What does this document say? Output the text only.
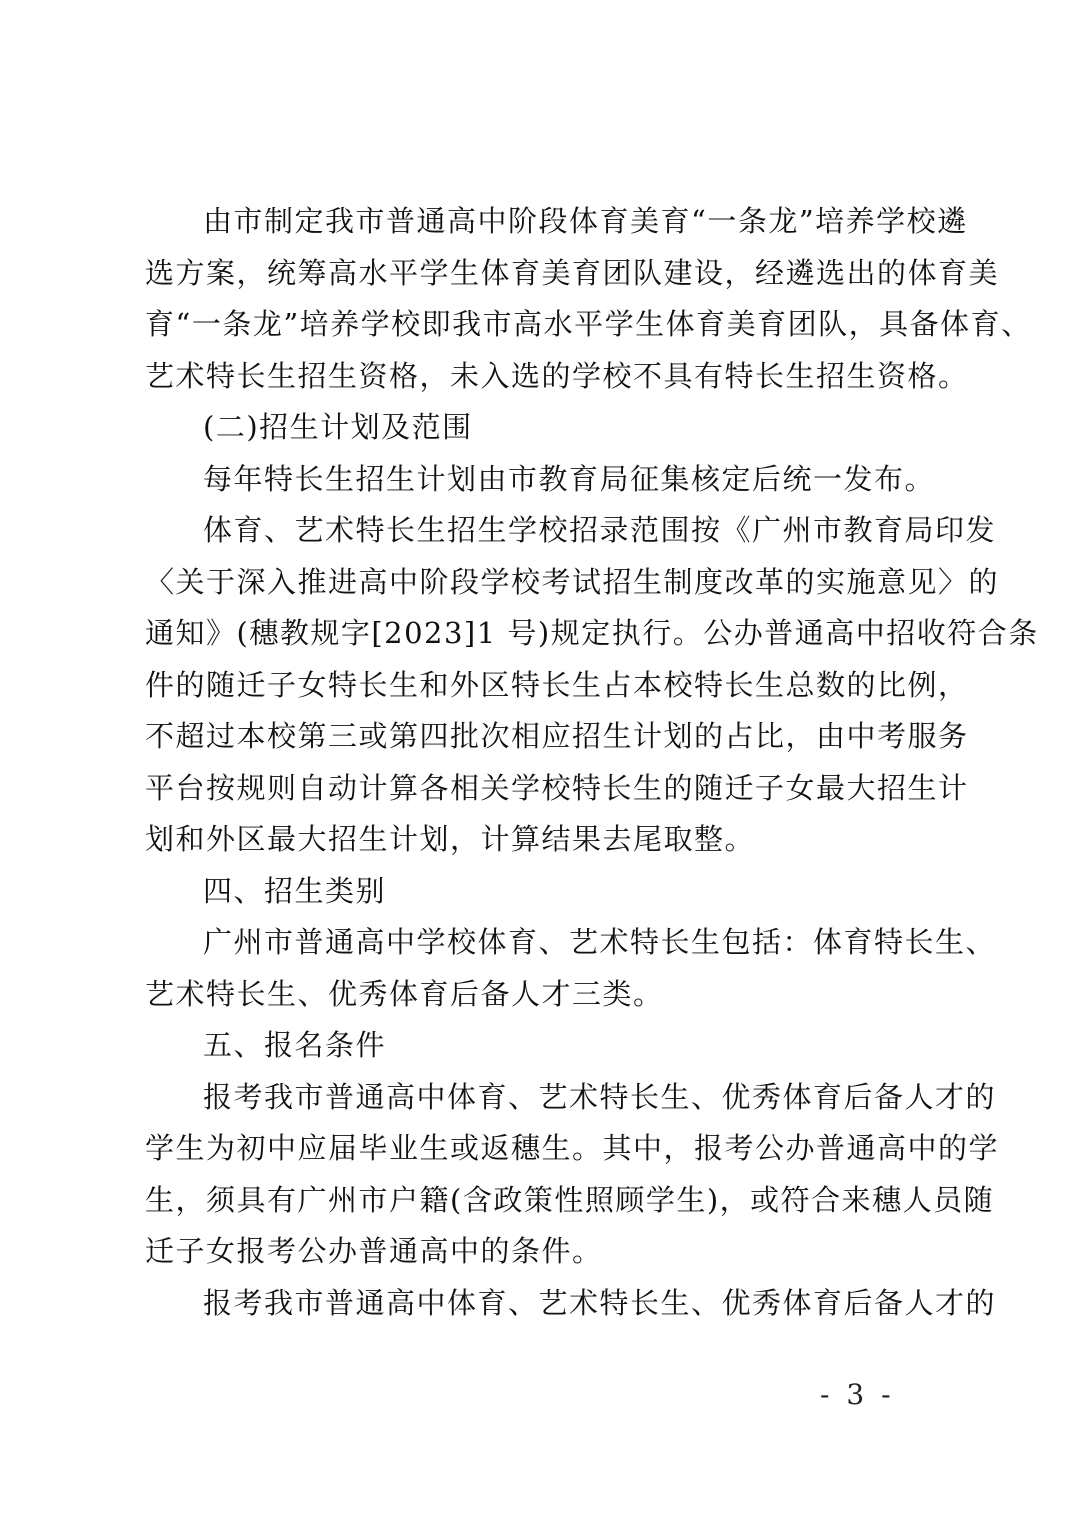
由市制定我市普通高中阶段体育美育“一条龙”培养学校遴
选方案，统筹高水平学生体育美育团队建设，经遴选出的体育美
育“一条龙”培养学校即我市高水平学生体育美育团队，具备体育、
艺术特长生招生资格，未入选的学校不具有特长生招生资格。
(二)招生计划及范围
每年特长生招生计划由市教育局征集核定后统一发布。
体育、艺术特长生招生学校招录范围按《广州市教育局印发
〈关于深入推进高中阶段学校考试招生制度改革的实施意见〉的
通知》(穗教规字[2023]1 号)规定执行。公办普通高中招收符合条
件的随迁子女特长生和外区特长生占本校特长生总数的比例，
不超过本校第三或第四批次相应招生计划的占比，由中考服务
平台按规则自动计算各相关学校特长生的随迁子女最大招生计
划和外区最大招生计划，计算结果去尾取整。
四、招生类别
广州市普通高中学校体育、艺术特长生包括：体育特长生、
艺术特长生、优秀体育后备人才三类。
五、报名条件
报考我市普通高中体育、艺术特长生、优秀体育后备人才的
学生为初中应届毕业生或返穗生。其中，报考公办普通高中的学
生，须具有广州市户籍(含政策性照顾学生)，或符合来穗人员随
迁子女报考公办普通高中的条件。
报考我市普通高中体育、艺术特长生、优秀体育后备人才的
- 3 -
